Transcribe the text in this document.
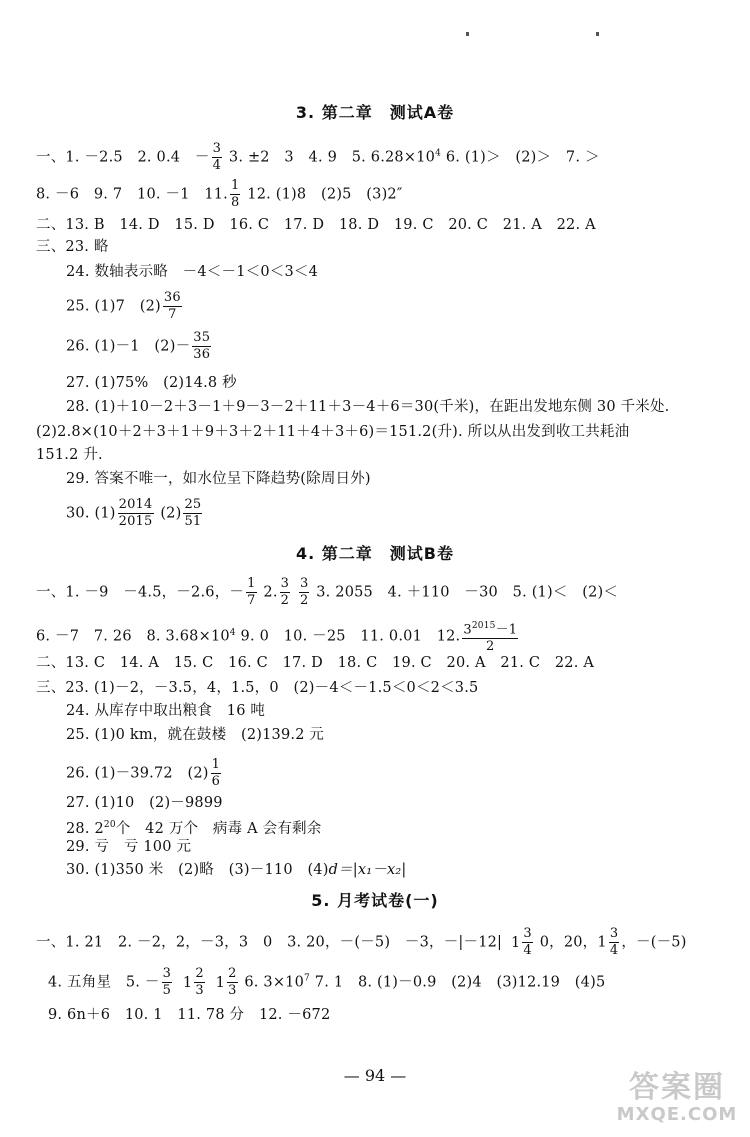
3. 第二章　测试A卷
一、1. －2.5　2. 0.4　－ $\frac{3}{4} 3$. ±2　3　4. 9　5. $6.28\times 10^4$ 6. (1)＞　(2)＞　7. ＞
8. －6　9. 7　10. －1　11. $\frac{1}{8} 12$. (1)8　(2)5　(3)2″
二、13. B　14. D　15. D　16. C　17. D　18. D　19. C　20. C　21. A　22. A
三、23. 略
24. 数轴表示略　－4＜－1＜0＜3＜4
25. (1)7　$(2) \frac{36}{7}$
26. (1)－1　$(2)- \frac{35}{36}$
27. (1)75%　(2)14.8 秒
28. (1)＋10－2＋3－1＋9－3－2＋11＋3－4＋6＝30(千米)，在距出发地东侧 30 千米处.
(2)2.8×(10＋2＋3＋1＋9＋3＋2＋11＋4＋3＋6)＝151.2(升). 所以从出发到收工共耗油
151.2 升.
29. 答案不唯一，如水位呈下降趋势(除周日外)
30. $(1) \frac{2014}{2015} (2) \frac{25}{51}$
4. 第二章　测试B卷
一、1. －9　－4.5，－2.6，－ $\frac{1}{7} 2$. $\frac{3}{2}$
$\frac{3}{2} 3$. 2055　4. ＋110　－30　5. (1)＜　(2)＜
6. －7　7. 26　8. $3.68\times 10^4$ 9. 0　10. －25　11. 0.01　12. $\frac{3^{2015}-1}{2}$
二、13. C　14. A　15. C　16. C　17. D　18. C　19. C　20. A　21. C　22. A
三、23. (1)－2，－3.5，4，1.5，0　(2)－4＜－1.5＜0＜2＜3.5
24. 从库存中取出粮食　16 吨
25. (1)0 km，就在鼓楼　(2)139.2 元
26. (1)－39.72　$(2) \frac{1}{6}$
27. (1)10　(2)－9899
28. $2^{20}$个　42 万个　病毒 A 会有剩余
29. 亏　亏 100 元
30. (1)350 米　(2)略　(3)－110　(4)d＝|x₁－x₂|
5. 月考试卷(一)
一、1. 21　2. －2，2，－3，3　0　3. 20，－(－5)　－3，－|－12| $1 \frac{3}{4} 0$，20，$1 \frac{3}{4}$ ，－(－5)
4. 五角星　5. － $\frac{3}{5} 1 \frac{2}{3} 1 \frac{2}{3} 6$. $3\times 10^7$ 7. 1　8. (1)－0.9　(2)4　(3)12.19　(4)5
9. 6n＋6　10. 1　11. 78 分　12. －672
— 94 —	答案圈
MXQE.COM
